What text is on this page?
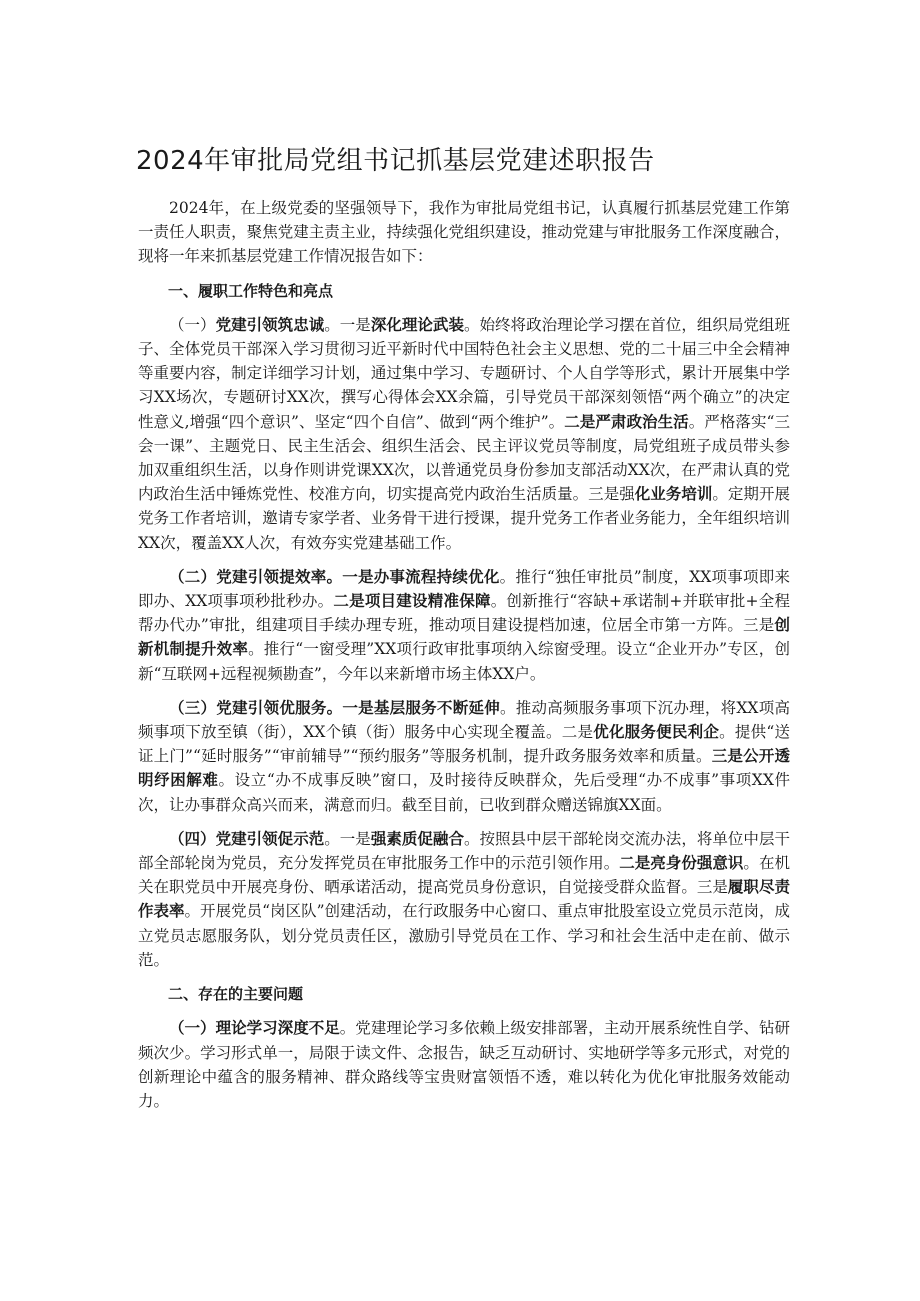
2024年审批局党组书记抓基层党建述职报告

2024年，在上级党委的坚强领导下，我作为审批局党组书记，认真履行抓基层党建工作第一责任人职责，聚焦党建主责主业，持续强化党组织建设，推动党建与审批服务工作深度融合，现将一年来抓基层党建工作情况报告如下：

一、履职工作特色和亮点

（一）党建引领筑忠诚。一是深化理论武装。始终将政治理论学习摆在首位，组织局党组班子、全体党员干部深入学习贯彻习近平新时代中国特色社会主义思想、党的二十届三中全会精神等重要内容，制定详细学习计划，通过集中学习、专题研讨、个人自学等形式，累计开展集中学习XX场次，专题研讨XX次，撰写心得体会XX余篇，引导党员干部深刻领悟“两个确立”的决定性意义,增强“四个意识”、坚定“四个自信”、做到“两个维护”。二是严肃政治生活。严格落实“三会一课”、主题党日、民主生活会、组织生活会、民主评议党员等制度，局党组班子成员带头参加双重组织生活，以身作则讲党课XX次，以普通党员身份参加支部活动XX次，在严肃认真的党内政治生活中锤炼党性、校准方向，切实提高党内政治生活质量。三是强化业务培训。定期开展党务工作者培训，邀请专家学者、业务骨干进行授课，提升党务工作者业务能力，全年组织培训XX次，覆盖XX人次，有效夯实党建基础工作。

（二）党建引领提效率。一是办事流程持续优化。推行“独任审批员”制度，XX项事项即来即办、XX项事项秒批秒办。二是项目建设精准保障。创新推行“容缺+承诺制+并联审批+全程帮办代办”审批，组建项目手续办理专班，推动项目建设提档加速，位居全市第一方阵。三是创新机制提升效率。推行“一窗受理”XX项行政审批事项纳入综窗受理。设立“企业开办”专区，创新“互联网+远程视频勘查”，今年以来新增市场主体XX户。

（三）党建引领优服务。一是基层服务不断延伸。推动高频服务事项下沉办理，将XX项高频事项下放至镇（街），XX个镇（街）服务中心实现全覆盖。二是优化服务便民利企。提供“送证上门”“延时服务”“审前辅导”“预约服务”等服务机制，提升政务服务效率和质量。三是公开透明纾困解难。设立“办不成事反映”窗口，及时接待反映群众，先后受理“办不成事”事项XX件次，让办事群众高兴而来，满意而归。截至目前，已收到群众赠送锦旗XX面。

（四）党建引领促示范。一是强素质促融合。按照县中层干部轮岗交流办法，将单位中层干部全部轮岗为党员，充分发挥党员在审批服务工作中的示范引领作用。二是亮身份强意识。在机关在职党员中开展亮身份、晒承诺活动，提高党员身份意识，自觉接受群众监督。三是履职尽责作表率。开展党员“岗区队”创建活动，在行政服务中心窗口、重点审批股室设立党员示范岗，成立党员志愿服务队，划分党员责任区，激励引导党员在工作、学习和社会生活中走在前、做示范。

二、存在的主要问题

（一）理论学习深度不足。党建理论学习多依赖上级安排部署，主动开展系统性自学、钻研频次少。学习形式单一，局限于读文件、念报告，缺乏互动研讨、实地研学等多元形式，对党的创新理论中蕴含的服务精神、群众路线等宝贵财富领悟不透，难以转化为优化审批服务效能动力。
